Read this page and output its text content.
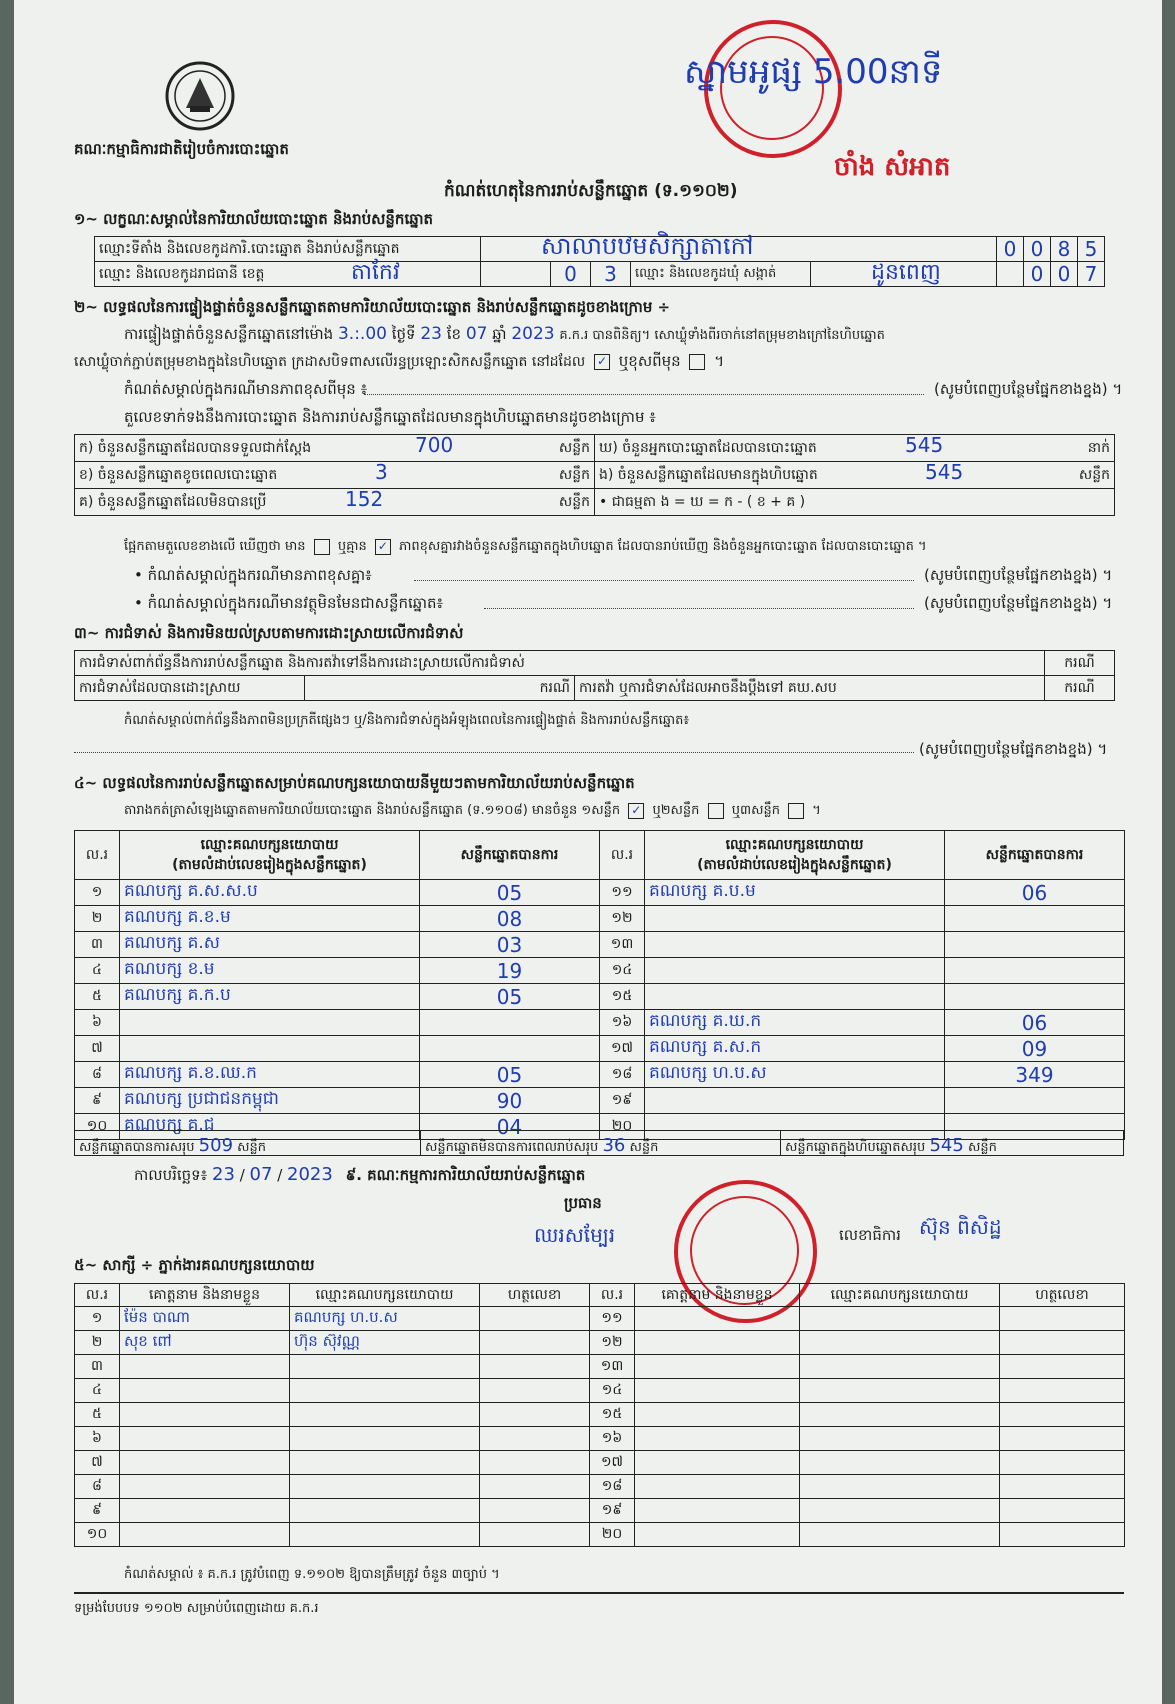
គណៈកម្មាធិការជាតិរៀបចំការបោះឆ្នោត
កំណត់ហេតុនៃការរាប់សន្លឹកឆ្នោត (ទ.១១០២)
ស្នាមអូផ្ស 5.00នាទី
ចាំង សំអាត
១~ លក្ខណៈសម្គាល់នៃការិយាល័យបោះឆ្នោត និងរាប់សន្លឹកឆ្នោត
ឈ្មោះទីតាំង និងលេខកូដការិ.បោះឆ្នោត និងរាប់សន្លឹកឆ្នោត	សាលាបឋមសិក្សាតាកៅ					0	0	8	5
ឈ្មោះ និងលេខកូដរាជធានី ខេត្ត	តាកែវ	0	3	ឈ្មោះ និងលេខកូដឃុំ សង្កាត់	ដូនពេញ		0	0	7
២~ លទ្ធផលនៃការផ្ទៀងផ្ទាត់ចំនួនសន្លឹកឆ្នោតតាមការិយាល័យបោះឆ្នោត និងរាប់សន្លឹកឆ្នោតដូចខាងក្រោម ÷
ការផ្ទៀងផ្ទាត់ចំនួនសន្លឹកឆ្នោតនៅម៉ោង 3.:.00 ថ្ងៃទី 23 ខែ 07 ឆ្នាំ 2023 គ.ក.រ បានពិនិត្យ។ សោឃ្លុំទាំងពីរចាក់នៅតម្រុមខាងក្រៅនៃហិបឆ្នោត
សោឃ្លុំចាក់ភ្ជាប់តម្រុមខាងក្នុងនៃហិបឆ្នោត ក្រដាសបិទពាសលើរន្ធប្រឡោះសិកសន្លឹកឆ្នោត នៅដដែល ✓ ឬខុសពីមុន  ។
កំណត់សម្គាល់ក្នុងករណីមានភាពខុសពីមុន ៖	(សូមបំពេញបន្ថែមផ្នែកខាងខ្នង) ។
តួលេខទាក់ទងនឹងការបោះឆ្នោត និងការរាប់សន្លឹកឆ្នោតដែលមានក្នុងហិបឆ្នោតមានដូចខាងក្រោម ៖
ក) ចំនួនសន្លឹកឆ្នោតដែលបានទទួលជាក់ស្តែង 700 សន្លឹក	ឃ) ចំនួនអ្នកបោះឆ្នោតដែលបានបោះឆ្នោត 545 នាក់

ខ) ចំនួនសន្លឹកឆ្នោតខូចពេលបោះឆ្នោត 3 សន្លឹក	ង) ចំនួនសន្លឹកឆ្នោតដែលមានក្នុងហិបឆ្នោត 545 សន្លឹក

គ) ចំនួនសន្លឹកឆ្នោតដែលមិនបានប្រើ 152 សន្លឹក	• ជាធម្មតា ង = ឃ = ក - ( ខ + គ )
ផ្អែកតាមតួលេខខាងលើ ឃើញថា មាន ឬគ្មាន ✓ ភាពខុសគ្នារវាងចំនួនសន្លឹកឆ្នោតក្នុងហិបឆ្នោត ដែលបានរាប់ឃើញ និងចំនួនអ្នកបោះឆ្នោត ដែលបានបោះឆ្នោត ។
• កំណត់សម្គាល់ក្នុងករណីមានភាពខុសគ្នា៖	(សូមបំពេញបន្ថែមផ្នែកខាងខ្នង) ។
• កំណត់សម្គាល់ក្នុងករណីមានវត្ថុមិនមែនជាសន្លឹកឆ្នោត៖	(សូមបំពេញបន្ថែមផ្នែកខាងខ្នង) ។
៣~ ការជំទាស់ និងការមិនយល់ស្របតាមការដោះស្រាយលើការជំទាស់
ការជំទាស់ពាក់ព័ន្ធនឹងការរាប់សន្លឹកឆ្នោត និងការតវ៉ាទៅនឹងការដោះស្រាយលើការជំទាស់			ករណី
ការជំទាស់ដែលបានដោះស្រាយ	ករណី	ការតវ៉ា ឬការជំទាស់ដែលអាចនឹងប្តឹងទៅ គឃ.សប	ករណី
កំណត់សម្គាល់ពាក់ព័ន្ធនឹងភាពមិនប្រក្រតីផ្សេងៗ ឬ/និងការជំទាស់ក្នុងអំឡុងពេលនៃការផ្ទៀងផ្ទាត់ និងការរាប់សន្លឹកឆ្នោត៖
(សូមបំពេញបន្ថែមផ្នែកខាងខ្នង) ។
៤~ លទ្ធផលនៃការរាប់សន្លឹកឆ្នោតសម្រាប់គណបក្សនយោបាយនីមួយៗតាមការិយាល័យរាប់សន្លឹកឆ្នោត
តារាងកត់ត្រាសំឡេងឆ្នោតតាមការិយាល័យបោះឆ្នោត និងរាប់សន្លឹកឆ្នោត (ទ.១១០៨) មានចំនួន ១សន្លឹក ✓ ឬ២សន្លឹក ឬ៣សន្លឹក  ។
ល.រ	ឈ្មោះគណបក្សនយោបាយ
(តាមលំដាប់លេខរៀងក្នុងសន្លឹកឆ្នោត)	សន្លឹកឆ្នោតបានការ	ល.រ	ឈ្មោះគណបក្សនយោបាយ
(តាមលំដាប់លេខរៀងក្នុងសន្លឹកឆ្នោត)	សន្លឹកឆ្នោតបានការ
១	គណបក្ស គ.ស.ស.ប	05	១១	គណបក្ស គ.ប.ម	06
២	គណបក្ស គ.ខ.ម	08	១២		
៣	គណបក្ស គ.ស	03	១៣		
៤	គណបក្ស ខ.ម	19	១៤		
៥	គណបក្ស គ.ក.ប	05	១៥		
៦			១៦	គណបក្ស គ.ឃ.ក	06
៧			១៧	គណបក្ស គ.ស.ក	09
៨	គណបក្ស គ.ខ.ឈ.ក	05	១៨	គណបក្ស ហ.ប.ស	349
៩	គណបក្ស ប្រជាជនកម្ពុជា	90	១៩		
១០	គណបក្ស គ.ជ	04	២០		
សន្លឹកឆ្នោតបានការសរុប 509 សន្លឹក	សន្លឹកឆ្នោតមិនបានការពេលរាប់សរុប 36 សន្លឹក	សន្លឹកឆ្នោតក្នុងហិបឆ្នោតសរុប 545 សន្លឹក
កាលបរិច្ឆេទ៖ 23 / 07 / 2023 ៩. គណៈកម្មការការិយាល័យរាប់សន្លឹកឆ្នោត
ប្រធាន
ឈរសម្បែរ	លេខាធិការ ស៊ុន ពិសិដ្ឋ
៥~ សាក្សី ÷ ភ្នាក់ងារគណបក្សនយោបាយ
ល.រ	គោត្តនាម និងនាមខ្លួន	ឈ្មោះគណបក្សនយោបាយ	ហត្ថលេខា	ល.រ	គោត្តនាម និងនាមខ្លួន	ឈ្មោះគណបក្សនយោបាយ	ហត្ថលេខា
១	ម៉ែន បាណា	គណបក្ស ហ.ប.ស		១១			
២	សុខ ពៅ	ហ៊ុន ស៊ុវណ្ណ		១២			
៣				១៣			
៤				១៤			
៥				១៥			
៦				១៦			
៧				១៧			
៨				១៨			
៩				១៩			
១០				២០			
កំណត់សម្គាល់ ៖ គ.ក.រ ត្រូវបំពេញ ទ.១១០២ ឱ្យបានត្រឹមត្រូវ ចំនួន ៣ច្បាប់ ។
ទម្រង់បែបបទ ១១០២ សម្រាប់បំពេញដោយ គ.ក.រ
